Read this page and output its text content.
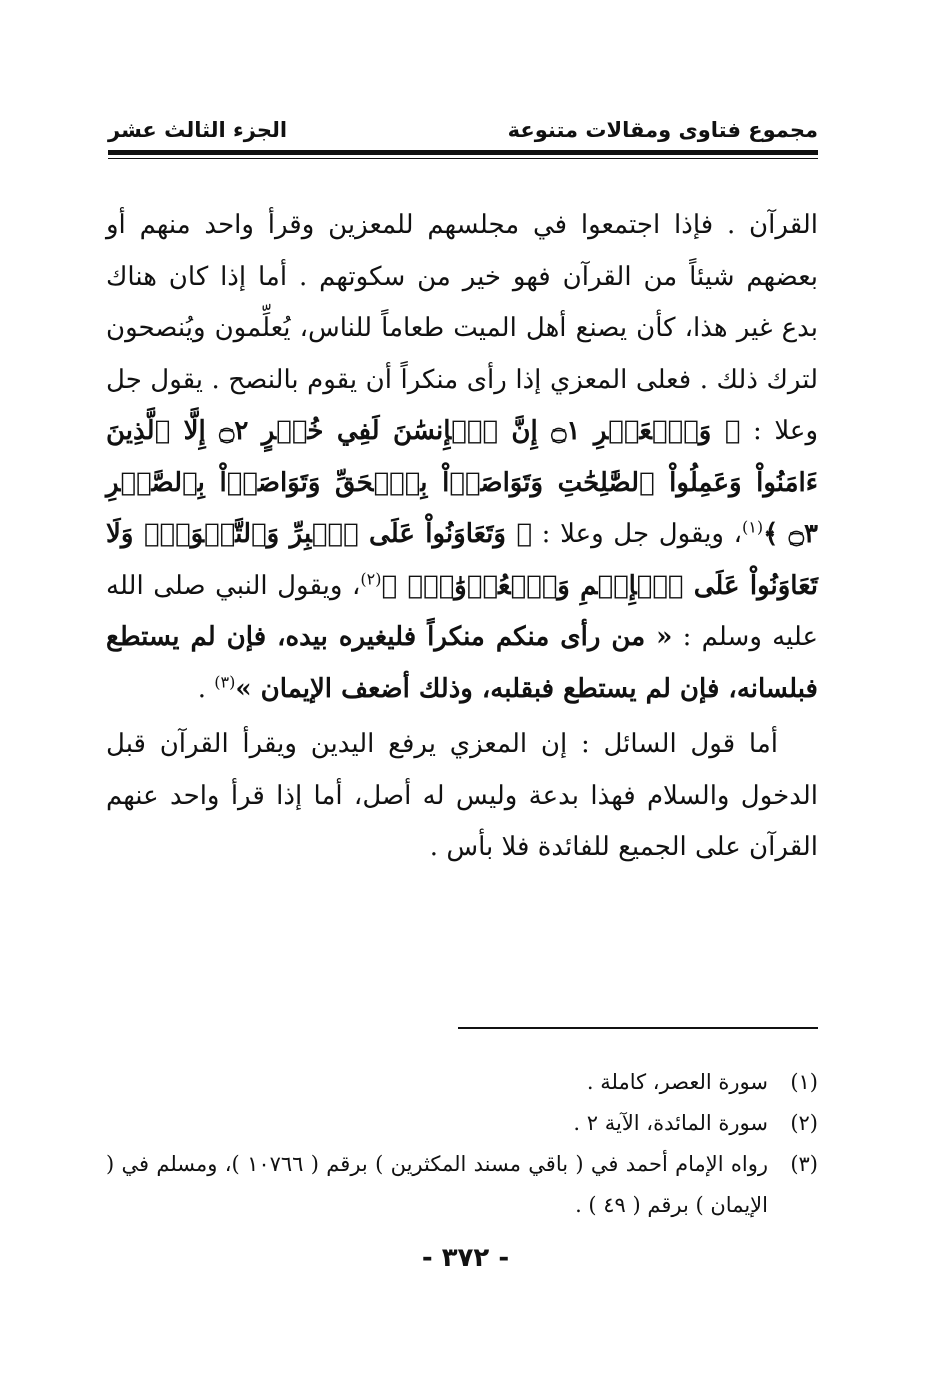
مجموع فتاوى ومقالات متنوعة
الجزء الثالث عشر

القرآن . فإذا اجتمعوا في مجلسهم للمعزين وقرأ واحد منهم أو بعضهم شيئاً من القرآن فهو خير من سكوتهم . أما إذا كان هناك بدع غير هذا، كأن يصنع أهل الميت طعاماً للناس، يُعلِّمون ويُنصحون لترك ذلك . فعلى المعزي إذا رأى منكراً أن يقوم بالنصح . يقول جل وعلا : ﴿ وَٱلۡعَصۡرِ ۝١ إِنَّ ٱلۡإِنسَٰنَ لَفِي خُسۡرٍ ۝٢ إِلَّا ٱلَّذِينَ ءَامَنُواْ وَعَمِلُواْ ٱلصَّٰلِحَٰتِ وَتَوَاصَوۡاْ بِٱلۡحَقِّ وَتَوَاصَوۡاْ بِٱلصَّبۡرِ ۝٣ ﴾$^{(١)}$، ويقول جل وعلا : ﴿ وَتَعَاوَنُواْ عَلَى ٱلۡبِرِّ وَٱلتَّقۡوَىٰۖ وَلَا تَعَاوَنُواْ عَلَى ٱلۡإِثۡمِ وَٱلۡعُدۡوَٰنِۚ ﴾$^{(٢)}$، ويقول النبي صلى الله عليه وسلم : « من رأى منكم منكراً فليغيره بيده، فإن لم يستطع فبلسانه، فإن لم يستطع فبقلبه، وذلك أضعف الإيمان »$^{(٣)}$ .

أما قول السائل : إن المعزي يرفع اليدين ويقرأ القرآن قبل الدخول والسلام فهذا بدعة وليس له أصل، أما إذا قرأ واحد عنهم القرآن على الجميع للفائدة فلا بأس .

(١)
سورة العصر، كاملة .
(٢)
سورة المائدة، الآية ٢ .
(٣)
رواه الإمام أحمد في ( باقي مسند المكثرين ) برقم ( ١٠٧٦٦ )، ومسلم في ( الإيمان ) برقم ( ٤٩ ) .
- ٣٧٢ -
